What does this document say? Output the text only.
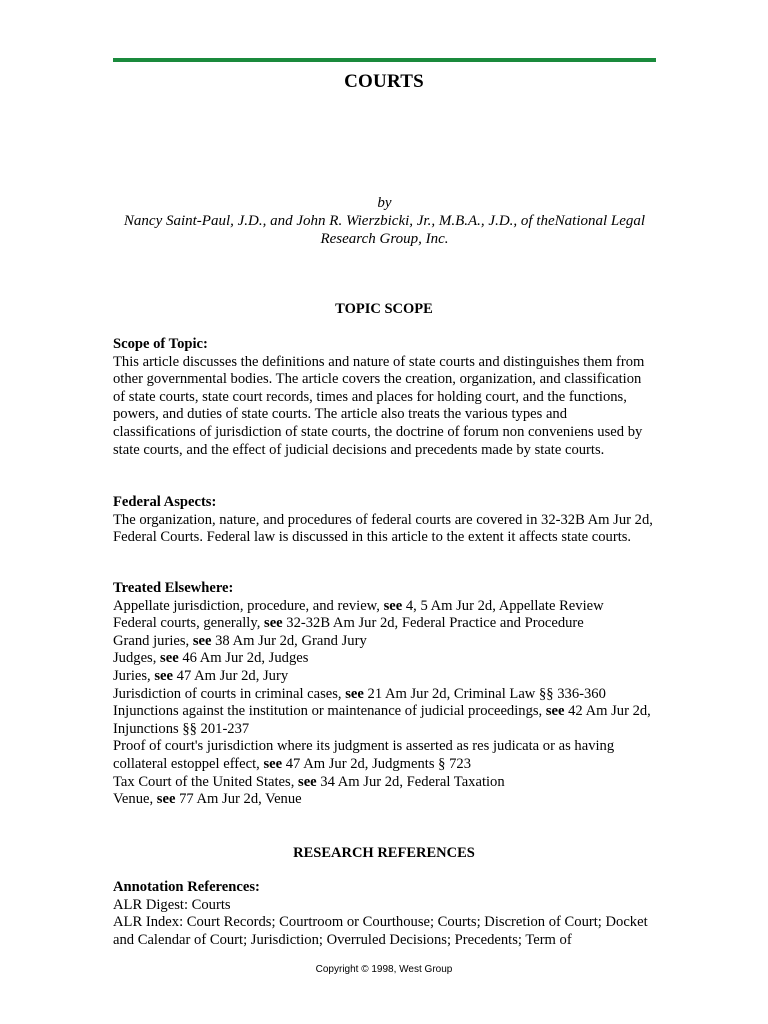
COURTS
by
Nancy Saint-Paul, J.D., and John R. Wierzbicki, Jr., M.B.A., J.D., of theNational Legal Research Group, Inc.
TOPIC SCOPE
Scope of Topic:

This article discusses the definitions and nature of state courts and distinguishes them from other governmental bodies. The article covers the creation, organization, and classification of state courts, state court records, times and places for holding court, and the functions, powers, and duties of state courts. The article also treats the various types and classifications of jurisdiction of state courts, the doctrine of forum non conveniens used by state courts, and the effect of judicial decisions and precedents made by state courts.

Federal Aspects:

The organization, nature, and procedures of federal courts are covered in 32-32B Am Jur 2d, Federal Courts. Federal law is discussed in this article to the extent it affects state courts.

Treated Elsewhere:
Appellate jurisdiction, procedure, and review, see 4, 5 Am Jur 2d, Appellate Review
Federal courts, generally, see 32-32B Am Jur 2d, Federal Practice and Procedure
Grand juries, see 38 Am Jur 2d, Grand Jury
Judges, see 46 Am Jur 2d, Judges
Juries, see 47 Am Jur 2d, Jury
Jurisdiction of courts in criminal cases, see 21 Am Jur 2d, Criminal Law §§ 336-360
Injunctions against the institution or maintenance of judicial proceedings, see 42 Am Jur 2d, Injunctions §§ 201-237
Proof of court's jurisdiction where its judgment is asserted as res judicata or as having collateral estoppel effect, see 47 Am Jur 2d, Judgments § 723
Tax Court of the United States, see 34 Am Jur 2d, Federal Taxation
Venue, see 77 Am Jur 2d, Venue
RESEARCH REFERENCES
Annotation References:
ALR Digest: Courts

ALR Index: Court Records; Courtroom or Courthouse; Courts; Discretion of Court; Docket and Calendar of Court; Jurisdiction; Overruled Decisions; Precedents; Term of

Copyright © 1998, West Group
